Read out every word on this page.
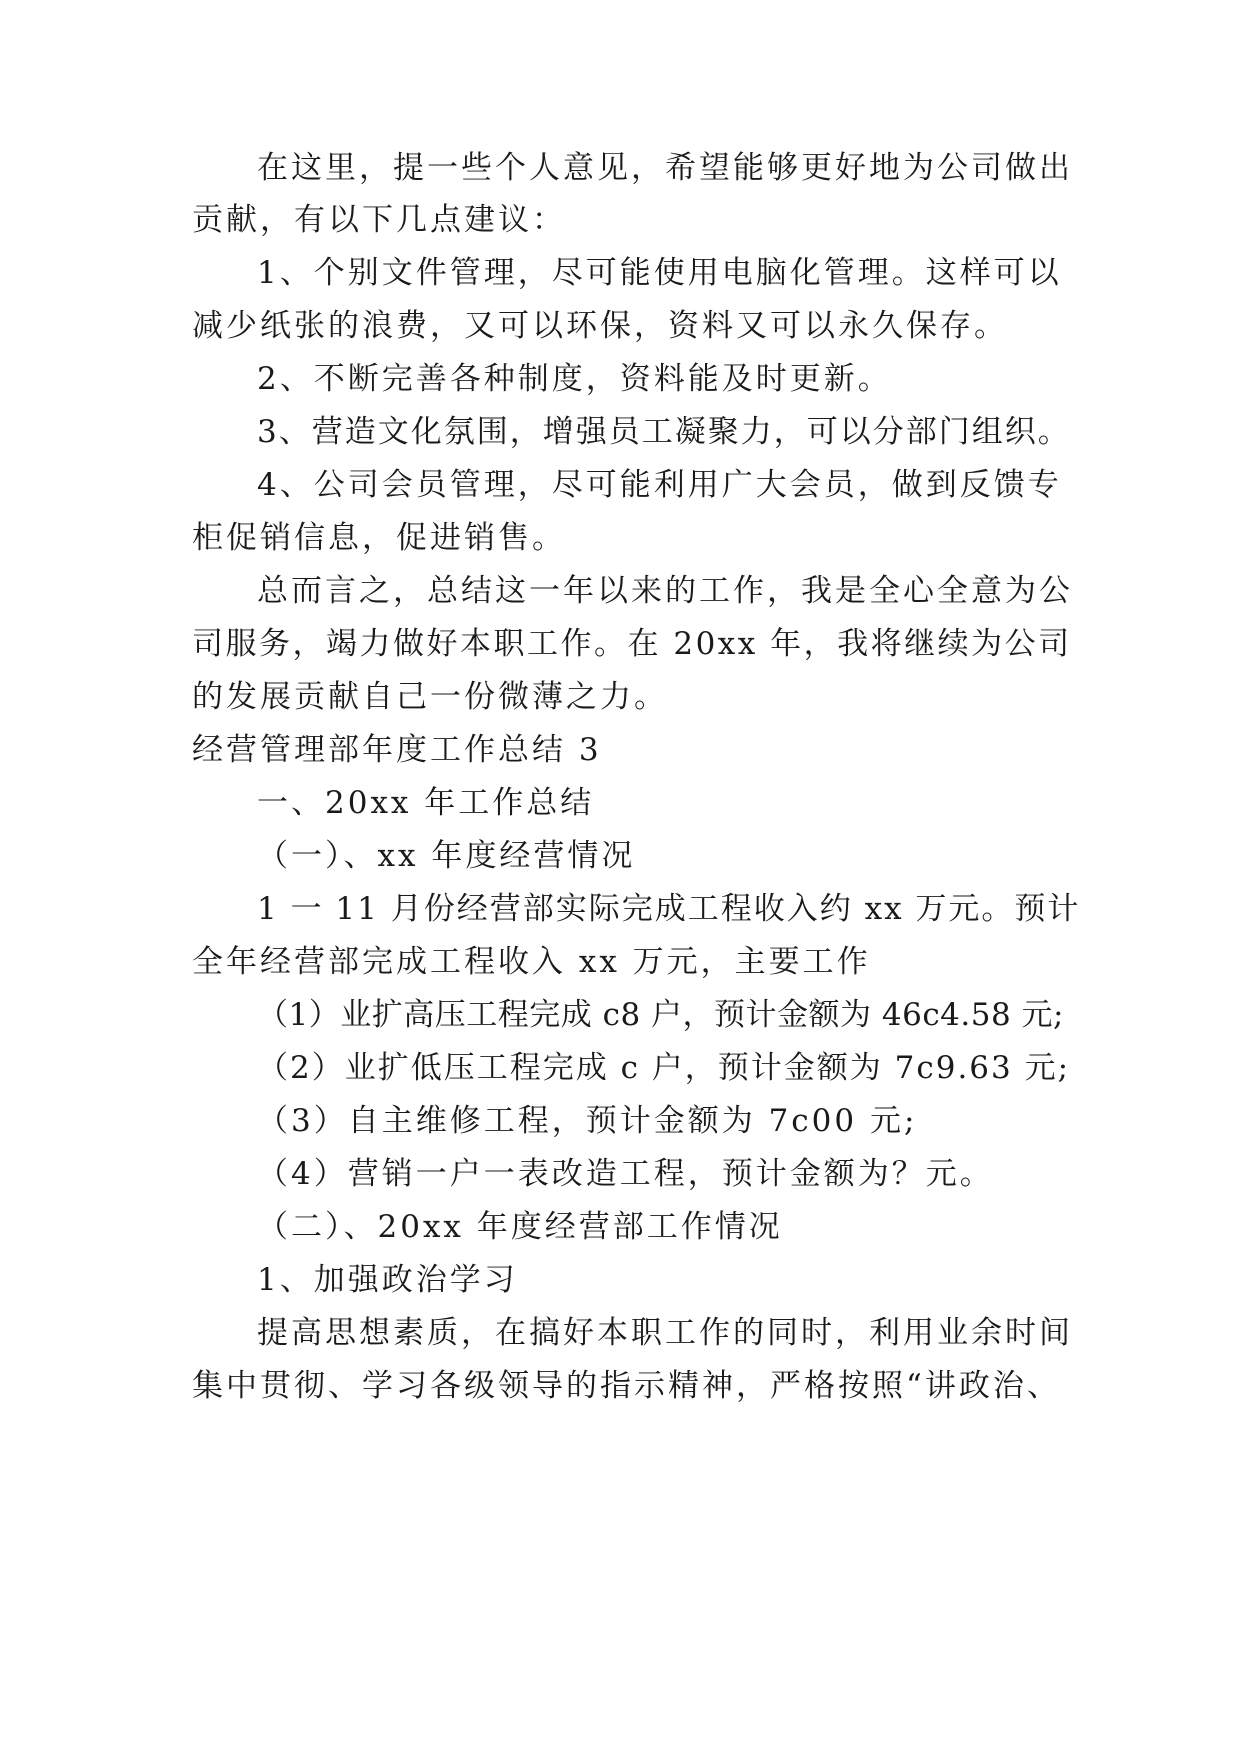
在这里，提一些个人意见，希望能够更好地为公司做出
贡献，有以下几点建议：
1、个别文件管理，尽可能使用电脑化管理。这样可以
减少纸张的浪费，又可以环保，资料又可以永久保存。
2、不断完善各种制度，资料能及时更新。
3、营造文化氛围，增强员工凝聚力，可以分部门组织。
4、公司会员管理，尽可能利用广大会员，做到反馈专
柜促销信息，促进销售。
总而言之，总结这一年以来的工作，我是全心全意为公
司服务，竭力做好本职工作。在 20xx 年，我将继续为公司
的发展贡献自己一份微薄之力。
经营管理部年度工作总结 3
一、20xx 年工作总结
（一）、xx 年度经营情况
1 一 11 月份经营部实际完成工程收入约 xx 万元。预计
全年经营部完成工程收入 xx 万元，主要工作
（1）业扩高压工程完成 c8 户，预计金额为 46c4.58 元;
（2）业扩低压工程完成 c 户，预计金额为 7c9.63 元;
（3）自主维修工程，预计金额为 7c00 元;
（4）营销一户一表改造工程，预计金额为？元。
（二）、20xx 年度经营部工作情况
1、加强政治学习
提高思想素质，在搞好本职工作的同时，利用业余时间
集中贯彻、学习各级领导的指示精神，严格按照“讲政治、
